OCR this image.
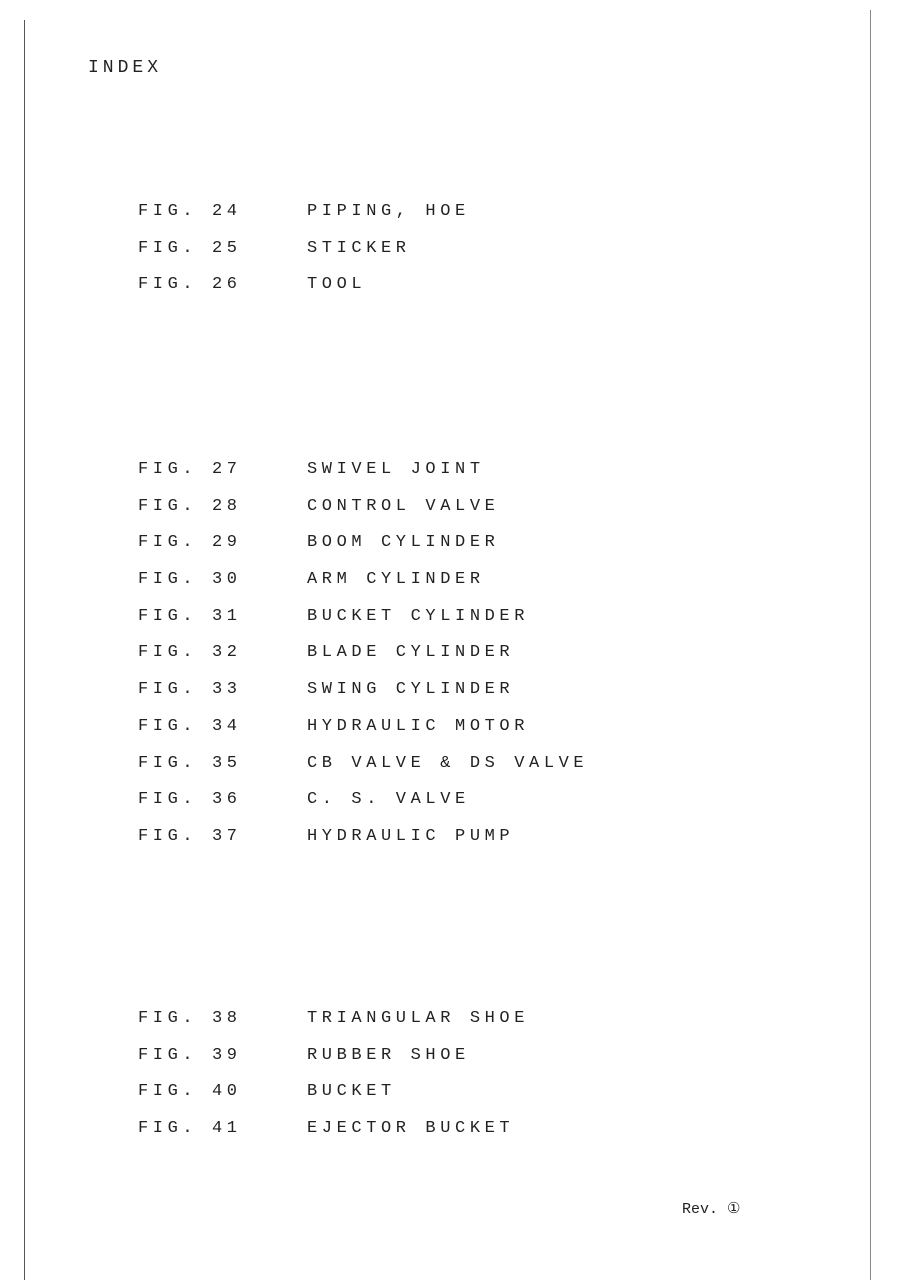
INDEX
FIG. 24	PIPING, HOE
FIG. 25	STICKER
FIG. 26	TOOL
FIG. 27	SWIVEL JOINT
FIG. 28	CONTROL VALVE
FIG. 29	BOOM CYLINDER
FIG. 30	ARM CYLINDER
FIG. 31	BUCKET CYLINDER
FIG. 32	BLADE CYLINDER
FIG. 33	SWING CYLINDER
FIG. 34	HYDRAULIC MOTOR
FIG. 35	CB VALVE & DS VALVE
FIG. 36	C. S. VALVE
FIG. 37	HYDRAULIC PUMP
FIG. 38	TRIANGULAR SHOE
FIG. 39	RUBBER SHOE
FIG. 40	BUCKET
FIG. 41	EJECTOR BUCKET
Rev. ①
